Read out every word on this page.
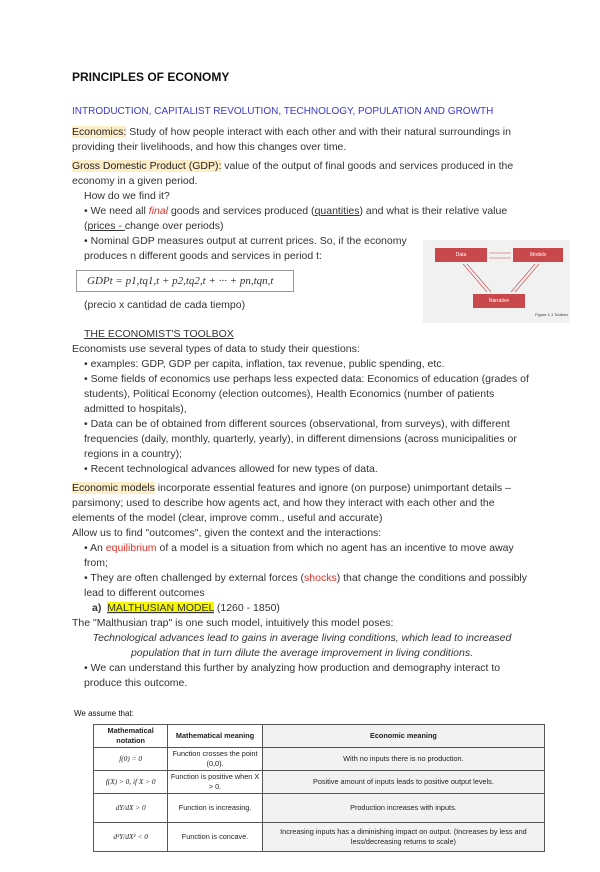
PRINCIPLES OF ECONOMY
INTRODUCTION, CAPITALIST REVOLUTION, TECHNOLOGY, POPULATION AND GROWTH

Economics: Study of how people interact with each other and with their natural surroundings in providing their livelihoods, and how this changes over time.

Gross Domestic Product (GDP): value of the output of final goods and services produced in the economy in a given period.

How do we find it?

• We need all final goods and services produced (quantities) and what is their relative value (prices - change over periods)

Data	Models
Narrative
Figure 1.1 Toolbox

• Nominal GDP measures output at current prices. So, if the economy produces n different goods and services in period t:

GDPt = p1,tq1,t + p2,tq2,t + ··· + pn,tqn,t

(precio x cantidad de cada tiempo)

THE ECONOMIST'S TOOLBOX

Economists use several types of data to study their questions:

• examples: GDP, GDP per capita, inflation, tax revenue, public spending, etc.

• Some fields of economics use perhaps less expected data: Economics of education (grades of students), Political Economy (election outcomes), Health Economics (number of patients admitted to hospitals),

• Data can be of obtained from different sources (observational, from surveys), with different frequencies (daily, monthly, quarterly, yearly), in different dimensions (across municipalities or regions in a country);

• Recent technological advances allowed for new types of data.

Economic models incorporate essential features and ignore (on purpose) unimportant details – parsimony; used to describe how agents act, and how they interact with each other and the elements of the model (clear, improve comm., useful and accurate)

Allow us to find "outcomes", given the context and the interactions:

• An equilibrium of a model is a situation from which no agent has an incentive to move away from;

• They are often challenged by external forces (shocks) that change the conditions and possibly lead to different outcomes

a) MALTHUSIAN MODEL (1260 - 1850)

The "Malthusian trap" is one such model, intuitively this model poses:

Technological advances lead to gains in average living conditions, which lead to increased population that in turn dilute the average improvement in living conditions.

• We can understand this further by analyzing how production and demography interact to produce this outcome.

We assume that:
Mathematical notation	Mathematical meaning	Economic meaning
f(0) = 0	Function crosses the point (0,0).	With no inputs there is no production.
f(X) > 0, if X > 0	Function is positive when X > 0.	Positive amount of inputs leads to positive output levels.
dY/dX > 0	Function is increasing.	Production increases with inputs.
d²Y/dX² < 0	Function is concave.	Increasing inputs has a diminishing impact on output. (Increases by less and less/decreasing returns to scale)
